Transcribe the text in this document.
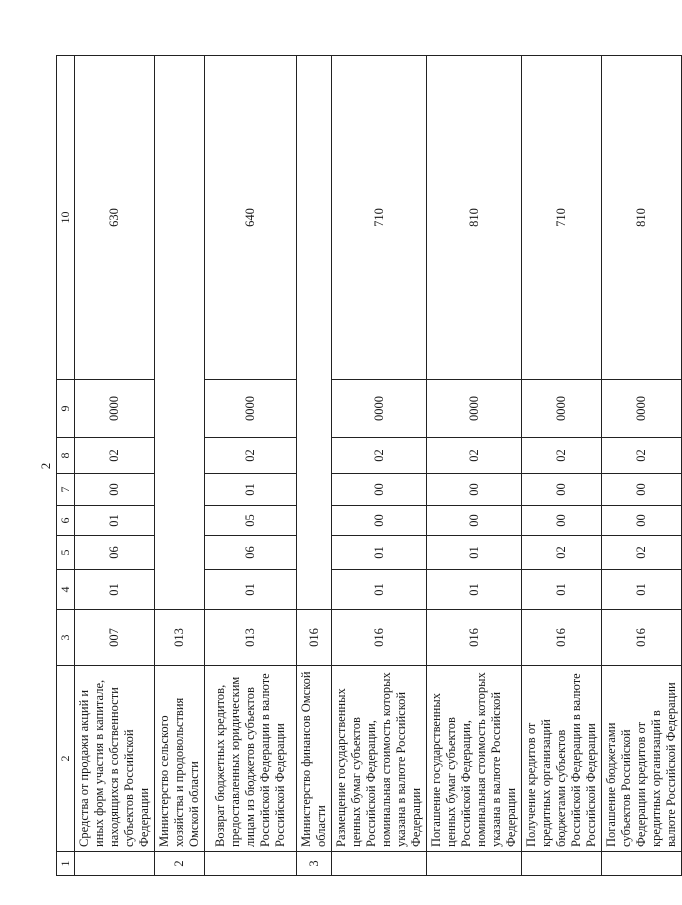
2
1	2	3	4	5	6	7	8	9	10
	Средства от продажи акций и иных форм участия в капитале, находящихся в собственности субъектов Российской Федерации	007	01	06	01	00	02	0000	630
2	Министерство сельского хозяйства и продовольствия Омской области	013							
	Возврат бюджетных кредитов, предоставленных юридическим лицам из бюджетов субъектов Российской Федерации в валюте Российской Федерации	013	01	06	05	01	02	0000	640
3	Министерство финансов Омской области	016							
	Размещение государственных ценных бумаг субъектов Российской Федерации, номинальная стоимость которых указана в валюте Российской Федерации	016	01	01	00	00	02	0000	710
	Погашение государственных ценных бумаг субъектов Российской Федерации, номинальная стоимость которых указана в валюте Российской Федерации	016	01	01	00	00	02	0000	810
	Получение кредитов от кредитных организаций бюджетами субъектов Российской Федерации в валюте Российской Федерации	016	01	02	00	00	02	0000	710
	Погашение бюджетами субъектов Российской Федерации кредитов от кредитных организаций в валюте Российской Федерации	016	01	02	00	00	02	0000	810
